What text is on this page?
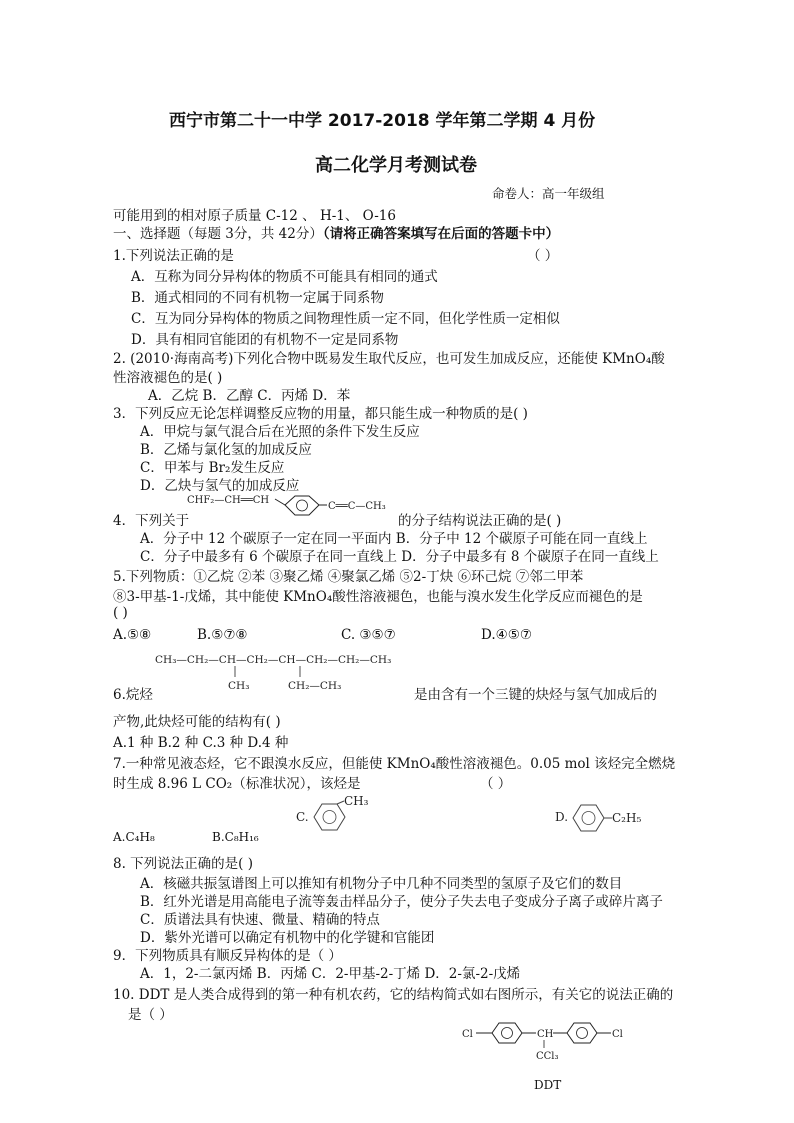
西宁市第二十一中学 2017-2018 学年第二学期 4 月份
高二化学月考测试卷
命卷人：高一年级组
可能用到的相对原子质量 C-12 、 H-1、 O-16
一、选择题（每题 3分，共 42分）（请将正确答案填写在后面的答题卡中）
1.下列说法正确的是	（ ）
A．互称为同分异构体的物质不可能具有相同的通式
B．通式相同的不同有机物一定属于同系物
C．互为同分异构体的物质之间物理性质一定不同，但化学性质一定相似
D．具有相同官能团的有机物不一定是同系物
2. (2010·海南高考)下列化合物中既易发生取代反应，也可发生加成反应，还能使 KMnO₄酸
性溶液褪色的是( )
A．乙烷 B．乙醇 C．丙烯 D．苯
3．下列反应无论怎样调整反应物的用量，都只能生成一种物质的是( )
A．甲烷与氯气混合后在光照的条件下发生反应
B．乙烯与氯化氢的加成反应
C．甲苯与 Br₂发生反应
D．乙炔与氢气的加成反应
CHF₂—CH══CH
C══C—CH₃
4．下列关于	的分子结构说法正确的是( )
A．分子中 12 个碳原子一定在同一平面内 B．分子中 12 个碳原子可能在同一直线上
C．分子中最多有 6 个碳原子在同一直线上 D．分子中最多有 8 个碳原子在同一直线上
5.下列物质：①乙烷 ②苯 ③聚乙烯 ④聚氯乙烯 ⑤2-丁炔 ⑥环己烷 ⑦邻二甲苯
⑧3-甲基-1-戊烯，其中能使 KMnO₄酸性溶液褪色，也能与溴水发生化学反应而褪色的是
( )
A.⑤⑧	B.⑤⑦⑧	C. ③⑤⑦	D.④⑤⑦
CH₃—CH₂—CH—CH₂—CH—CH₂—CH₂—CH₃
CH₃	CH₂—CH₃
6.烷烃	是由含有一个三键的炔烃与氢气加成后的
产物,此炔烃可能的结构有( )
A.1 种 B.2 种 C.3 种 D.4 种
7.一种常见液态烃，它不跟溴水反应，但能使 KMnO₄酸性溶液褪色。0.05 mol 该烃完全燃烧
时生成 8.96 L CO₂（标准状况），该烃是	（ ）
C.
CH₃
D.	C₂H₅
A.C₄H₈	B.C₈H₁₆
8. 下列说法正确的是( )
A．核磁共振氢谱图上可以推知有机物分子中几种不同类型的氢原子及它们的数目
B．红外光谱是用高能电子流等轰击样品分子，使分子失去电子变成分子离子或碎片离子
C．质谱法具有快速、微量、精确的特点
D．紫外光谱可以确定有机物中的化学键和官能团
9．下列物质具有顺反异构体的是（ ）
A．1，2-二氯丙烯 B．丙烯 C．2-甲基-2-丁烯 D．2-氯-2-戊烯
10. DDT 是人类合成得到的第一种有机农药，它的结构简式如右图所示，有关它的说法正确的
是（ ）
Cl	CH	Cl
CCl₃
DDT
